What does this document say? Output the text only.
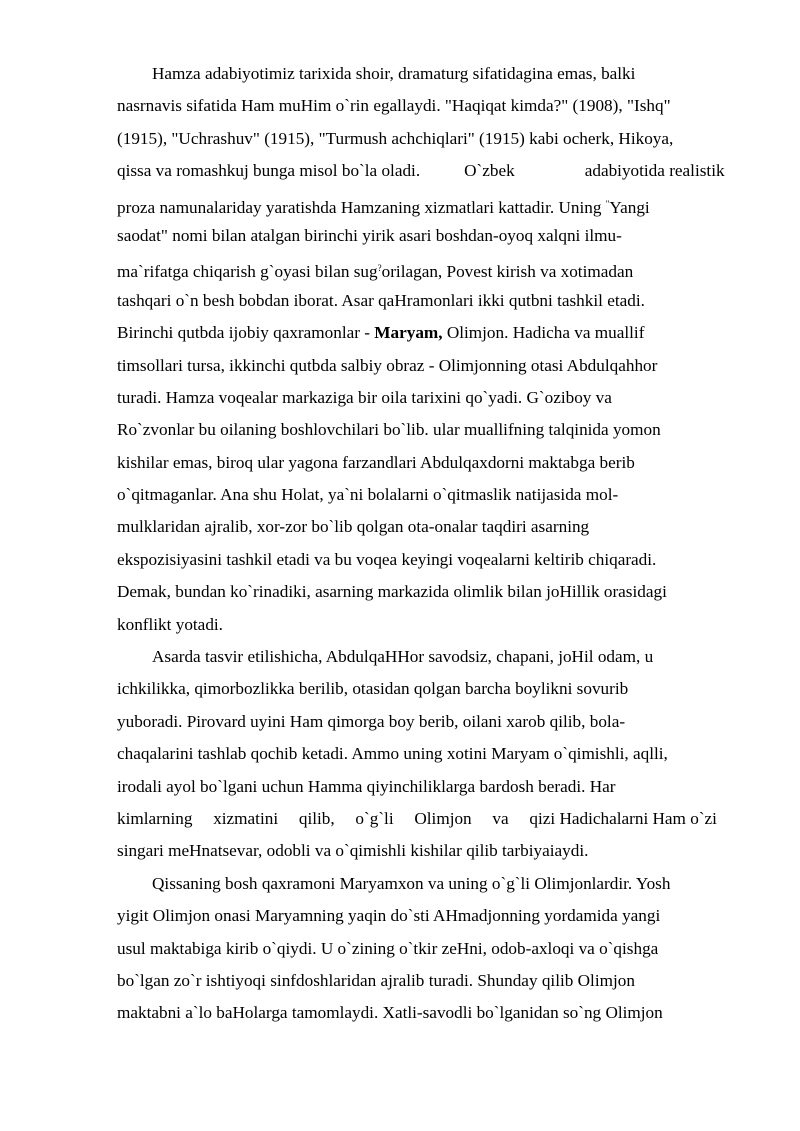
Hamza adabiyotimiz tarixida shoir, dramaturg sifatidagina emas, balki
nasrnavis sifatida Ham muHim o`rin egallaydi. "Haqiqat kimda?" (1908), "Ishq"
(1915), "Uchrashuv" (1915), "Turmush achchiqlari" (1915) kabi ocherk, Hikoya,
qissa va romashkuj bunga misol bo`la oladi.	O`zbek	adabiyotida realistik
proza namunalariday yaratishda Hamzaning xizmatlari kattadir. Uning "Yangi
saodat" nomi bilan atalgan birinchi yirik asari boshdan-oyoq xalqni ilmu-
ma`rifatga chiqarish g`oyasi bilan sug?orilagan, Povest kirish va xotimadan
tashqari o`n besh bobdan iborat. Asar qaHramonlari ikki qutbni tashkil etadi.
Birinchi qutbda ijobiy qaxramonlar - Maryam, Olimjon. Hadicha va muallif
timsollari tursa, ikkinchi qutbda salbiy obraz - Olimjonning otasi Abdulqahhor
turadi. Hamza voqealar markaziga bir oila tarixini qo`yadi. G`oziboy va
Ro`zvonlar bu oilaning boshlovchilari bo`lib. ular muallifning talqinida yomon
kishilar emas, biroq ular yagona farzandlari Abdulqaxdorni maktabga berib
o`qitmaganlar. Ana shu Holat, ya`ni bolalarni o`qitmaslik natijasida mol-
mulklaridan ajralib, xor-zor bo`lib qolgan ota-onalar taqdiri asarning
ekspozisiyasini tashkil etadi va bu voqea keyingi voqealarni keltirib chiqaradi.
Demak, bundan ko`rinadiki, asarning markazida olimlik bilan joHillik orasidagi
konflikt yotadi.
Asarda tasvir etilishicha, AbdulqaHHor savodsiz, chapani, joHil odam, u
ichkilikka, qimorbozlikka berilib, otasidan qolgan barcha boylikni sovurib
yuboradi. Pirovard uyini Ham qimorga boy berib, oilani xarob qilib, bola-
chaqalarini tashlab qochib ketadi. Ammo uning xotini Maryam o`qimishli, aqlli,
irodali ayol bo`lgani uchun Hamma qiyinchiliklarga bardosh beradi. Har
kimlarning xizmatini qilib, o`g`li Olimjon va qizi Hadichalarni Ham o`zi
singari meHnatsevar, odobli va o`qimishli kishilar qilib tarbiyaiaydi.
Qissaning bosh qaxramoni Maryamxon va uning o`g`li Olimjonlardir. Yosh
yigit Olimjon onasi Maryamning yaqin do`sti AHmadjonning yordamida yangi
usul maktabiga kirib o`qiydi. U o`zining o`tkir zeHni, odob-axloqi va o`qishga
bo`lgan zo`r ishtiyoqi sinfdoshlaridan ajralib turadi. Shunday qilib Olimjon
maktabni a`lo baHolarga tamomlaydi. Xatli-savodli bo`lganidan so`ng Olimjon
